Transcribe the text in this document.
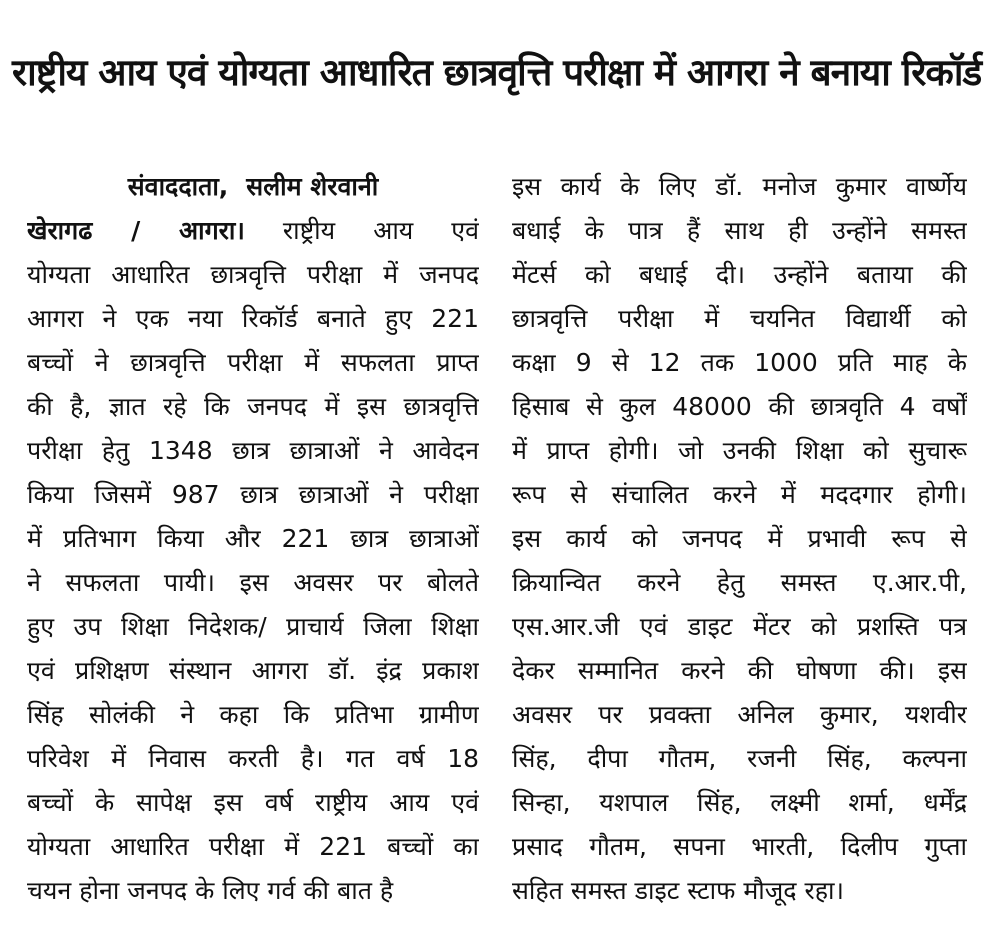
राष्ट्रीय आय एवं योग्यता आधारित छात्रवृत्ति परीक्षा में आगरा ने बनाया रिकॉर्ड
संवाददाता, सलीम शेरवानी
खेरागढ / आगरा। राष्ट्रीय आय एवं
योग्यता आधारित छात्रवृत्ति परीक्षा में जनपद
आगरा ने एक नया रिकॉर्ड बनाते हुए 221
बच्चों ने छात्रवृत्ति परीक्षा में सफलता प्राप्त
की है, ज्ञात रहे कि जनपद में इस छात्रवृत्ति
परीक्षा हेतु 1348 छात्र छात्राओं ने आवेदन
किया जिसमें 987 छात्र छात्राओं ने परीक्षा
में प्रतिभाग किया और 221 छात्र छात्राओं
ने सफलता पायी। इस अवसर पर बोलते
हुए उप शिक्षा निदेशक/ प्राचार्य जिला शिक्षा
एवं प्रशिक्षण संस्थान आगरा डॉ. इंद्र प्रकाश
सिंह सोलंकी ने कहा कि प्रतिभा ग्रामीण
परिवेश में निवास करती है। गत वर्ष 18
बच्चों के सापेक्ष इस वर्ष राष्ट्रीय आय एवं
योग्यता आधारित परीक्षा में 221 बच्चों का
चयन होना जनपद के लिए गर्व की बात है
इस कार्य के लिए डॉ. मनोज कुमार वार्ष्णेय
बधाई के पात्र हैं साथ ही उन्होंने समस्त
मेंटर्स को बधाई दी। उन्होंने बताया की
छात्रवृत्ति परीक्षा में चयनित विद्यार्थी को
कक्षा 9 से 12 तक 1000 प्रति माह के
हिसाब से कुल 48000 की छात्रवृति 4 वर्षों
में प्राप्त होगी। जो उनकी शिक्षा को सुचारू
रूप से संचालित करने में मददगार होगी।
इस कार्य को जनपद में प्रभावी रूप से
क्रियान्वित करने हेतु समस्त ए.आर.पी,
एस.आर.जी एवं डाइट मेंटर को प्रशस्ति पत्र
देकर सम्मानित करने की घोषणा की। इस
अवसर पर प्रवक्ता अनिल कुमार, यशवीर
सिंह, दीपा गौतम, रजनी सिंह, कल्पना
सिन्हा, यशपाल सिंह, लक्ष्मी शर्मा, धर्मेंद्र
प्रसाद गौतम, सपना भारती, दिलीप गुप्ता
सहित समस्त डाइट स्टाफ मौजूद रहा।
